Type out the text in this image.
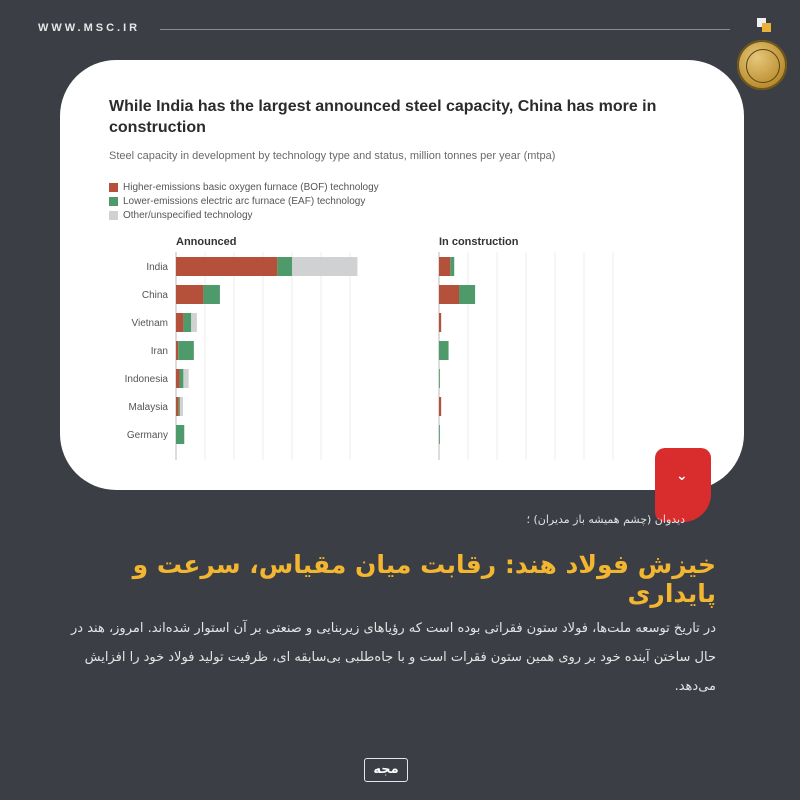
WWW.MSC.IR
While India has the largest announced steel capacity, China has more in construction
Steel capacity in development by technology type and status, million tonnes per year (mtpa)
Higher-emissions basic oxygen furnace (BOF) technology
Lower-emissions electric arc furnace (EAF) technology
Other/unspecified technology
Announced	In construction
India
China
Vietnam
Iran
Indonesia
Malaysia
Germany
⌄
دیدوان (چشم همیشه باز مدیران) ؛
خیزش فولاد هند: رقابت میان مقیاس، سرعت و پایداری
در تاریخ توسعه ملت‌ها، فولاد ستون فقراتی بوده است که رؤیاهای زیربنایی و صنعتی بر آن استوار شده‌اند. امروز، هند در حال ساختن آینده خود بر روی همین ستون فقرات است و با جاه‌طلبی بی‌سابقه ای، ظرفیت تولید فولاد خود را افزایش می‌دهد.
مجه
